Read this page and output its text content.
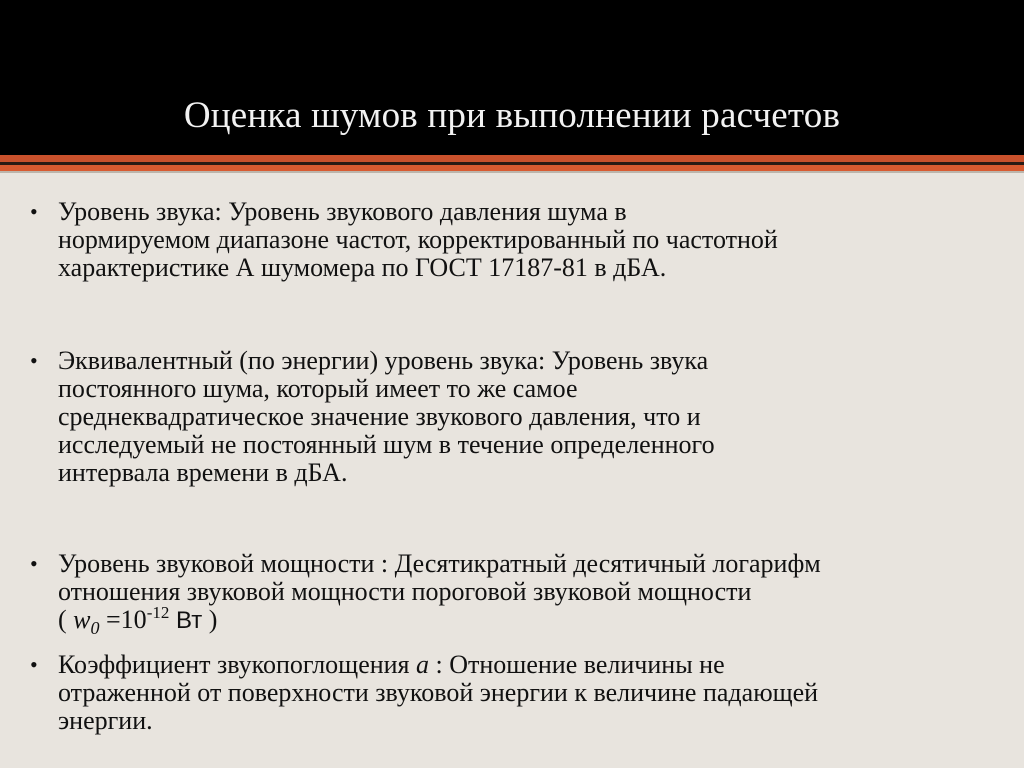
Оценка шумов при выполнении расчетов
• Уровень звука: Уровень звукового давления шума в
нормируемом диапазоне частот, корректированный по частотной
характеристике А шумомера по ГОСТ 17187-81 в дБА.
• Эквивалентный (по энергии) уровень звука: Уровень звука
постоянного шума, который имеет то же самое
среднеквадратическое значение звукового давления, что и
исследуемый не постоянный шум в течение определенного
интервала времени в дБА.
• Уровень звуковой мощности : Десятикратный десятичный логарифм
отношения звуковой мощности пороговой звуковой мощности
( $w_0 =10^{-12}$ Вт )
• Коэффициент звукопоглощения a : Отношение величины не
отраженной от поверхности звуковой энергии к величине падающей
энергии.
